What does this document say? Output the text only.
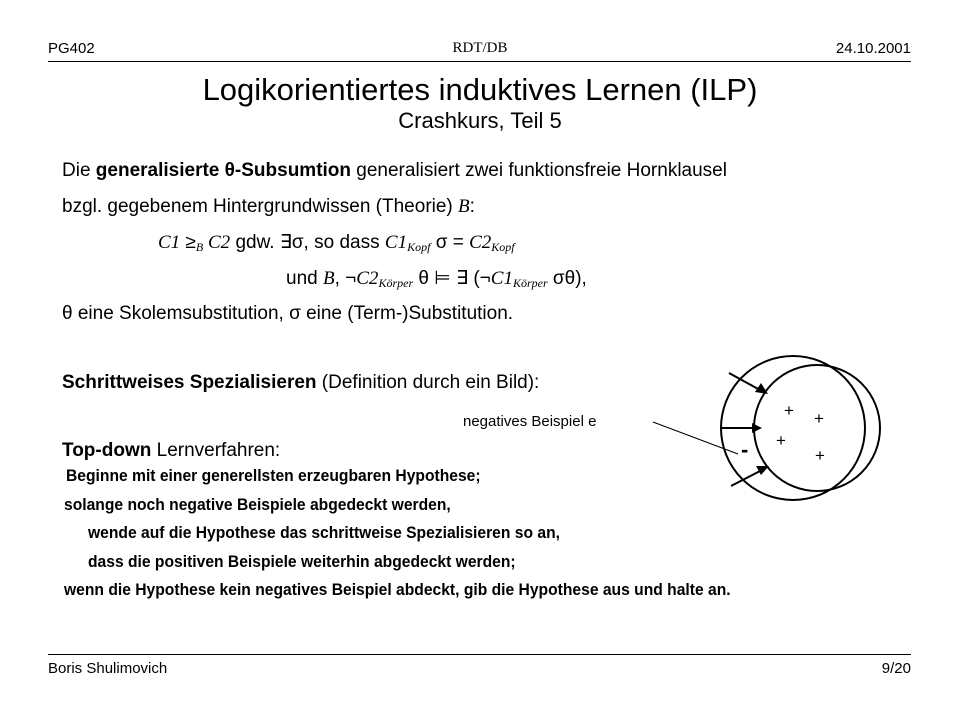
PG402	RDT/DB	24.10.2001
Logikorientiertes induktives Lernen (ILP)
Crashkurs, Teil 5
Die generalisierte θ-Subsumtion generalisiert zwei funktionsfreie Hornklausel
bzgl. gegebenem Hintergrundwissen (Theorie) B:
$C1 \ge_B$ C2 gdw. ∃σ, so dass $C1_{Kopf}$ $\sigma = C2_{Kopf}$
und B, $\neg C2_{Körper}$ θ ⊨ ∃ ($\neg C1_{Körper}$ σθ),
θ eine Skolemsubstitution, σ eine (Term-)Substitution.
Schrittweises Spezialisieren (Definition durch ein Bild):
negatives Beispiel e
+ +
+
+
-
Top-down Lernverfahren:
Beginne mit einer generellsten erzeugbaren Hypothese;
solange noch negative Beispiele abgedeckt werden,
wende auf die Hypothese das schrittweise Spezialisieren so an,
dass die positiven Beispiele weiterhin abgedeckt werden;
wenn die Hypothese kein negatives Beispiel abdeckt, gib die Hypothese aus und halte an.
Boris Shulimovich	9/20
